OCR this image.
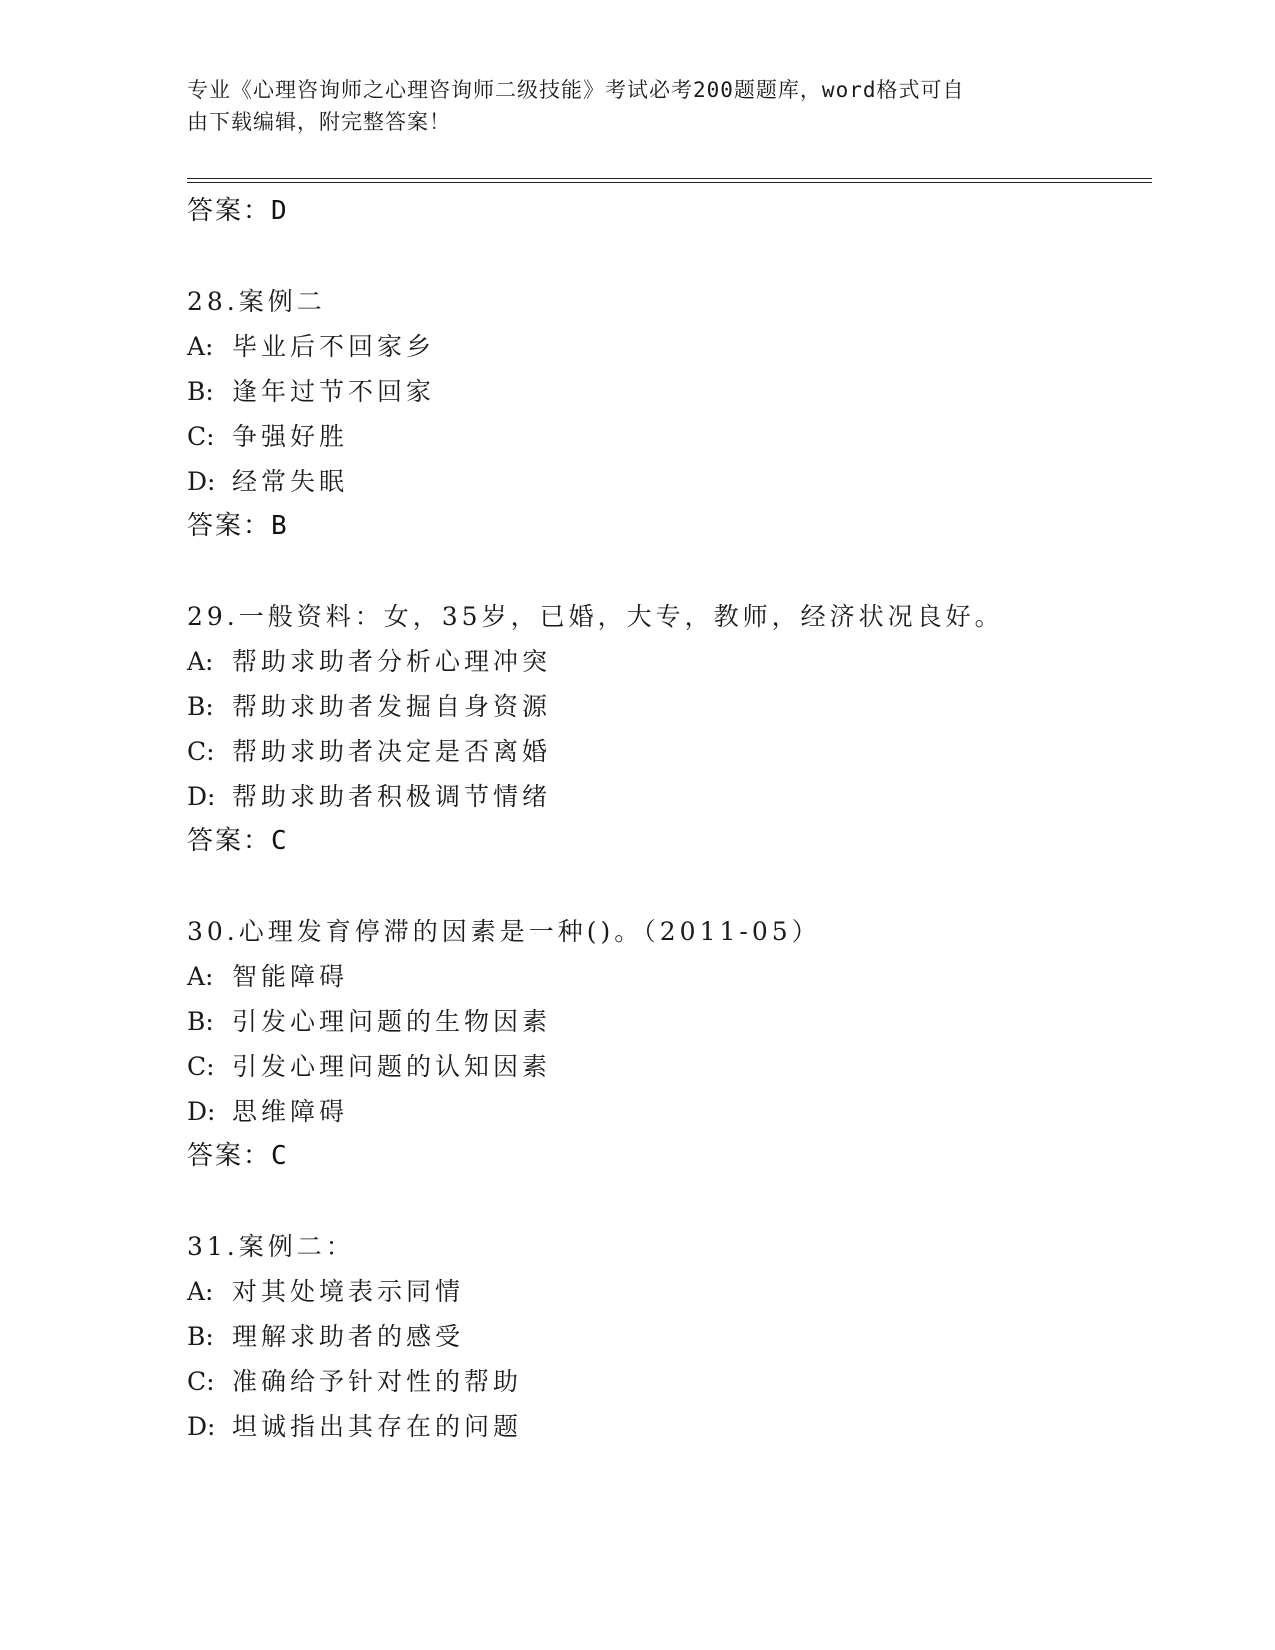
专业《心理咨询师之心理咨询师二级技能》考试必考200题题库，word格式可自
由下载编辑，附完整答案！
答案：D
28.案例二
A: 毕业后不回家乡
B: 逢年过节不回家
C: 争强好胜
D: 经常失眠
答案：B
29.一般资料：女，35岁，已婚，大专，教师，经济状况良好。
A: 帮助求助者分析心理冲突
B: 帮助求助者发掘自身资源
C: 帮助求助者决定是否离婚
D: 帮助求助者积极调节情绪
答案：C
30.心理发育停滞的因素是一种()。（2011-05）
A: 智能障碍
B: 引发心理问题的生物因素
C: 引发心理问题的认知因素
D: 思维障碍
答案：C
31.案例二：
A: 对其处境表示同情
B: 理解求助者的感受
C: 准确给予针对性的帮助
D: 坦诚指出其存在的问题
